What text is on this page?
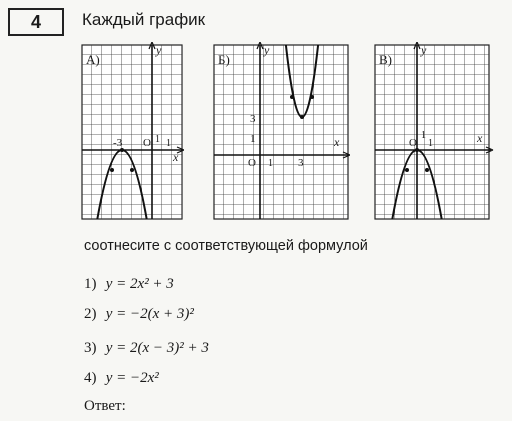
4	Каждый график
А)
y
x
-3 O 1 1
Б)
y
x
3
1
O 1 3
В)
y
x
1
O 1
соотнесите с соответствующей формулой
1) y = 2x² + 3
2) y = −2(x + 3)²
3) y = 2(x − 3)² + 3
4) y = −2x²
Ответ:
